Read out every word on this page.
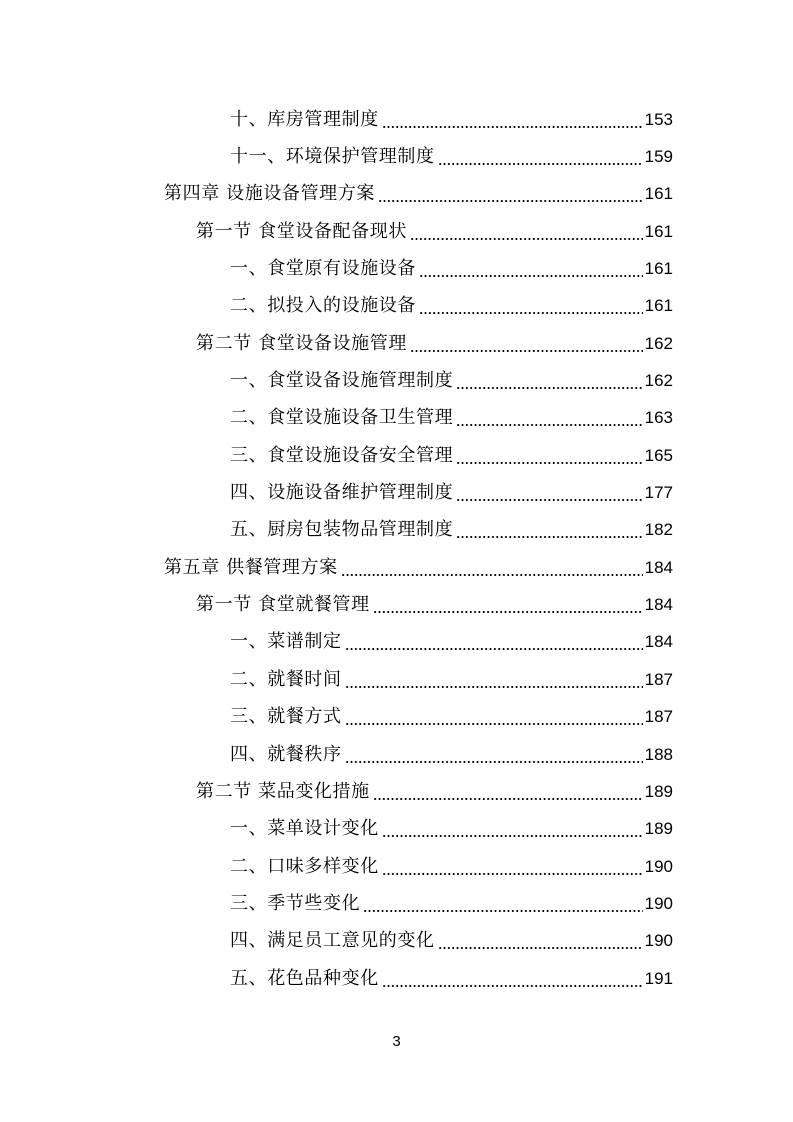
十、库房管理制度	153
十一、环境保护管理制度	159
第四章 设施设备管理方案	161
第一节 食堂设备配备现状	161
一、食堂原有设施设备	161
二、拟投入的设施设备	161
第二节 食堂设备设施管理	162
一、食堂设备设施管理制度	162
二、食堂设施设备卫生管理	163
三、食堂设施设备安全管理	165
四、设施设备维护管理制度	177
五、厨房包装物品管理制度	182
第五章 供餐管理方案	184
第一节 食堂就餐管理	184
一、菜谱制定	184
二、就餐时间	187
三、就餐方式	187
四、就餐秩序	188
第二节 菜品变化措施	189
一、菜单设计变化	189
二、口味多样变化	190
三、季节些变化	190
四、满足员工意见的变化	190
五、花色品种变化	191
3
